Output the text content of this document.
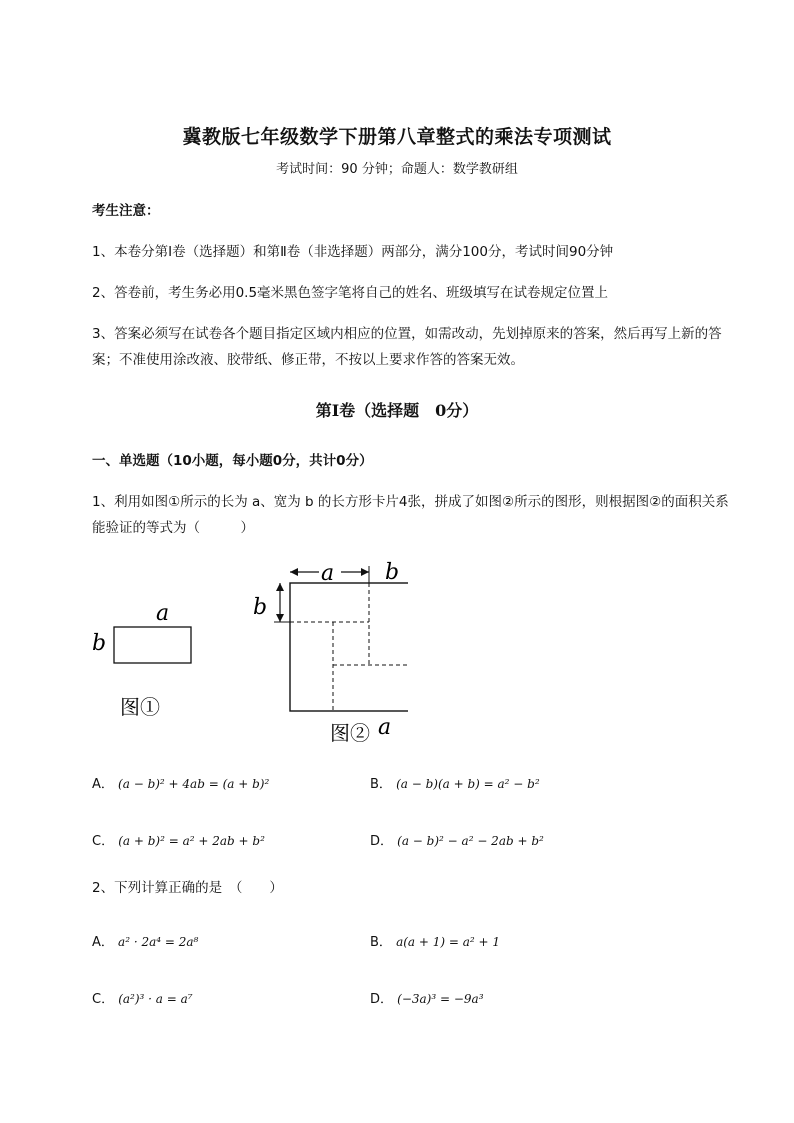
冀教版七年级数学下册第八章整式的乘法专项测试
考试时间：90 分钟；命题人：数学教研组
考生注意：
1、本卷分第Ⅰ卷（选择题）和第Ⅱ卷（非选择题）两部分，满分100分，考试时间90分钟
2、答卷前，考生务必用0.5毫米黑色签字笔将自己的姓名、班级填写在试卷规定位置上
3、答案必须写在试卷各个题目指定区域内相应的位置，如需改动，先划掉原来的答案，然后再写上新的答案；不准使用涂改液、胶带纸、修正带，不按以上要求作答的答案无效。
第Ⅰ卷（选择题　0分）
一、单选题（10小题，每小题0分，共计0分）
1、利用如图①所示的长为 a、宽为 b 的长方形卡片4张，拼成了如图②所示的图形，则根据图②的面积关系能验证的等式为（　　　）
a
b
图①
a b
b
图② a
A． (a − b)² + 4ab = (a + b)²	B． (a − b)(a + b) = a² − b²
C． (a + b)² = a² + 2ab + b²	D． (a − b)² − a² − 2ab + b²
2、下列计算正确的是　（　　）
A． a² · 2a⁴ = 2a⁸	B． a(a + 1) = a² + 1
C． (a²)³ · a = a⁷	D． (−3a)³ = −9a³
